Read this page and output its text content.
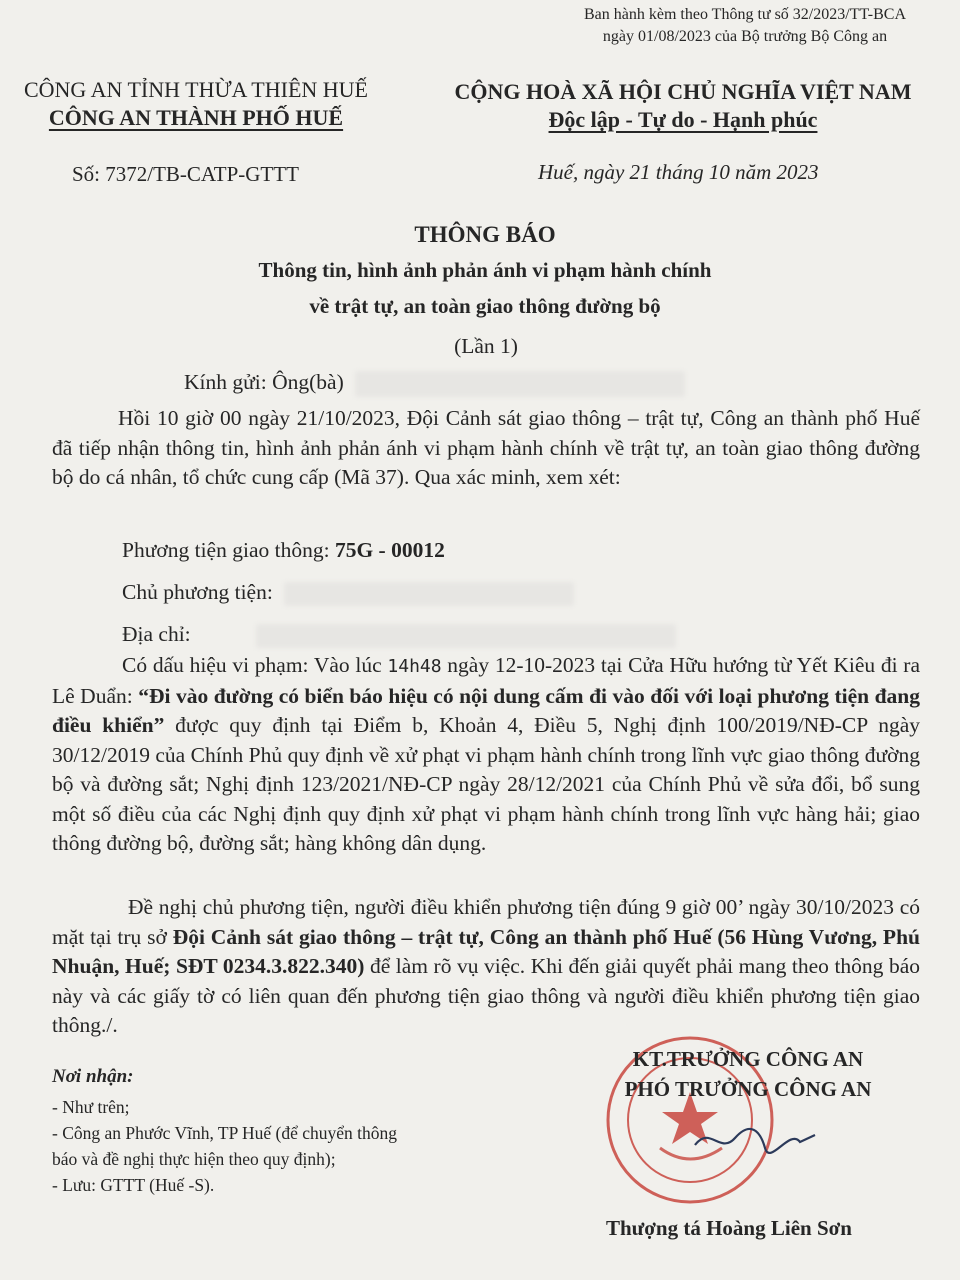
Ban hành kèm theo Thông tư số 32/2023/TT-BCA
ngày 01/08/2023 của Bộ trưởng Bộ Công an
CÔNG AN TỈNH THỪA THIÊN HUẾ
CÔNG AN THÀNH PHỐ HUẾ
CỘNG HOÀ XÃ HỘI CHỦ NGHĨA VIỆT NAM
Độc lập - Tự do - Hạnh phúc
Số: 7372/TB-CATP-GTTT	Huế, ngày 21 tháng 10 năm 2023
THÔNG BÁO
Thông tin, hình ảnh phản ánh vi phạm hành chính
về trật tự, an toàn giao thông đường bộ
(Lần 1)
Kính gửi: Ông(bà)
Hồi 10 giờ 00 ngày 21/10/2023, Đội Cảnh sát giao thông – trật tự, Công an thành phố Huế đã tiếp nhận thông tin, hình ảnh phản ánh vi phạm hành chính về trật tự, an toàn giao thông đường bộ do cá nhân, tổ chức cung cấp (Mã 37). Qua xác minh, xem xét:
Phương tiện giao thông: 75G - 00012
Chủ phương tiện:
Địa chỉ:
Có dấu hiệu vi phạm: Vào lúc 14h48 ngày 12-10-2023 tại Cửa Hữu hướng từ Yết Kiêu đi ra Lê Duẩn: “Đi vào đường có biển báo hiệu có nội dung cấm đi vào đối với loại phương tiện đang điều khiển” được quy định tại Điểm b, Khoản 4, Điều 5, Nghị định 100/2019/NĐ-CP ngày 30/12/2019 của Chính Phủ quy định về xử phạt vi phạm hành chính trong lĩnh vực giao thông đường bộ và đường sắt; Nghị định 123/2021/NĐ-CP ngày 28/12/2021 của Chính Phủ về sửa đổi, bổ sung một số điều của các Nghị định quy định xử phạt vi phạm hành chính trong lĩnh vực hàng hải; giao thông đường bộ, đường sắt; hàng không dân dụng.
Đề nghị chủ phương tiện, người điều khiển phương tiện đúng 9 giờ 00’ ngày 30/10/2023 có mặt tại trụ sở Đội Cảnh sát giao thông – trật tự, Công an thành phố Huế (56 Hùng Vương, Phú Nhuận, Huế; SĐT 0234.3.822.340) để làm rõ vụ việc. Khi đến giải quyết phải mang theo thông báo này và các giấy tờ có liên quan đến phương tiện giao thông và người điều khiển phương tiện giao thông./.
Nơi nhận:
- Như trên;
- Công an Phước Vĩnh, TP Huế (để chuyển thông
báo và đề nghị thực hiện theo quy định);
- Lưu: GTTT (Huế -S).
KT.TRƯỞNG CÔNG AN
PHÓ TRƯỞNG CÔNG AN
Thượng tá Hoàng Liên Sơn
